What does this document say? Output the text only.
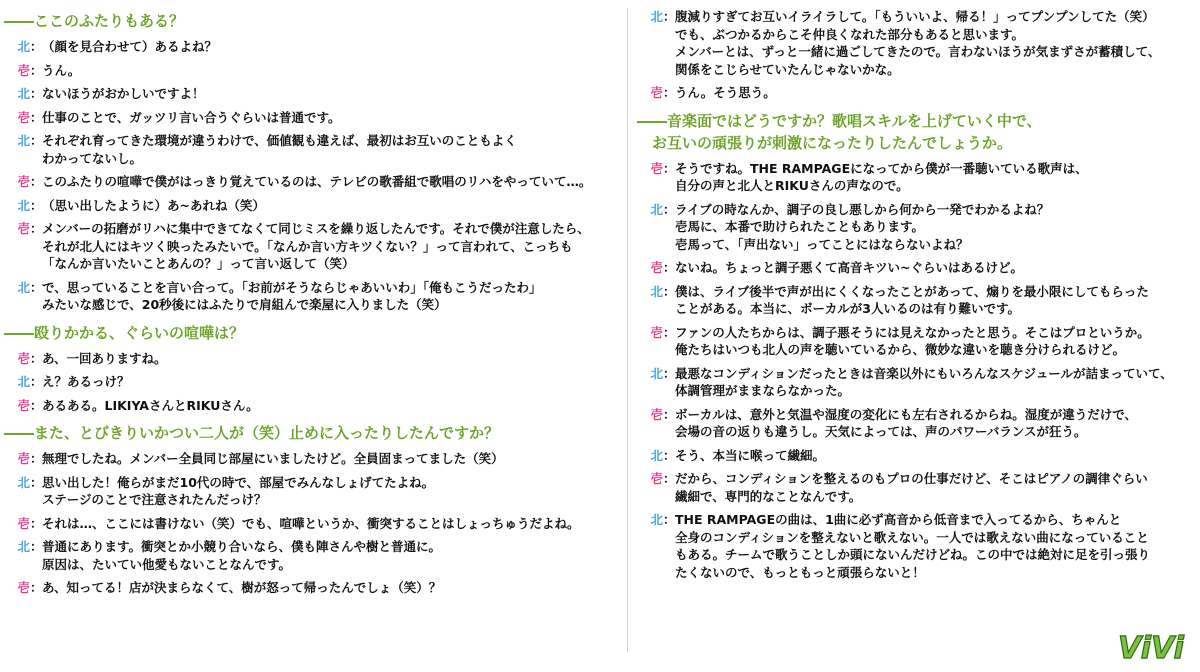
――ここのふたりもある？
北 ： （顔を見合わせて）あるよね？
壱 ： うん。
北 ： ないほうがおかしいですよ！
壱 ： 仕事のことで、ガッツリ言い合うぐらいは普通です。
北 ： それぞれ育ってきた環境が違うわけで、価値観も違えば、最初はお互いのこともよく
わかってないし。
壱 ： このふたりの喧嘩で僕がはっきり覚えているのは、テレビの歌番組で歌唱のリハをやっていて…。
北 ： （思い出したように）あ~あれね（笑）
壱 ： メンバーの拓磨がリハに集中できてなくて同じミスを繰り返したんです。それで僕が注意したら、
それが北人にはキツく映ったみたいで。「なんか言い方キツくない？」って言われて、こっちも
「なんか言いたいことあんの？」って言い返して（笑）
北 ： で、思っていることを言い合って。「お前がそうならじゃあいいわ」「俺もこうだったわ」
みたいな感じで、20秒後にはふたりで肩組んで楽屋に入りました（笑）
――殴りかかる、ぐらいの喧嘩は？
壱 ： あ、一回ありますね。
北 ： え？あるっけ？
壱 ： あるある。LIKIYAさんとRIKUさん。
――また、とびきりいかつい二人が（笑）止めに入ったりしたんですか？
壱 ： 無理でしたね。メンバー全員同じ部屋にいましたけど。全員固まってました（笑）
北 ： 思い出した！俺らがまだ10代の時で、部屋でみんなしょげてたよね。
ステージのことで注意されたんだっけ？
壱 ： それは…、ここには書けない（笑）でも、喧嘩というか、衝突することはしょっちゅうだよね。
北 ： 普通にあります。衝突とか小競り合いなら、僕も陣さんや樹と普通に。
原因は、たいてい他愛もないことなんです。
壱 ： あ、知ってる！店が決まらなくて、樹が怒って帰ったんでしょ（笑）？
北 ： 腹減りすぎてお互いイライラして。「もういいよ、帰る！」ってプンプンしてた（笑）
でも、ぶつかるからこそ仲良くなれた部分もあると思います。
メンバーとは、ずっと一緒に過ごしてきたので。言わないほうが気まずさが蓄積して、
関係をこじらせていたんじゃないかな。
壱 ： うん。そう思う。
――音楽面ではどうですか？歌唱スキルを上げていく中で、
　お互いの頑張りが刺激になったりしたんでしょうか。
壱 ： そうですね。THE RAMPAGEになってから僕が一番聴いている歌声は、
自分の声と北人とRIKUさんの声なので。
北 ： ライブの時なんか、調子の良し悪しから何から一発でわかるよね？
壱馬に、本番で助けられたこともあります。
壱馬って、「声出ない」ってことにはならないよね？
壱 ： ないね。ちょっと調子悪くて高音キツい~ぐらいはあるけど。
北 ： 僕は、ライブ後半で声が出にくくなったことがあって、煽りを最小限にしてもらった
ことがある。本当に、ボーカルが3人いるのは有り難いです。
壱 ： ファンの人たちからは、調子悪そうには見えなかったと思う。そこはプロというか。
俺たちはいつも北人の声を聴いているから、微妙な違いを聴き分けられるけど。
北 ： 最悪なコンディションだったときは音楽以外にもいろんなスケジュールが詰まっていて、
体調管理がままならなかった。
壱 ： ボーカルは、意外と気温や湿度の変化にも左右されるからね。湿度が違うだけで、
会場の音の返りも違うし。天気によっては、声のパワーバランスが狂う。
北 ： そう、本当に喉って繊細。
壱 ： だから、コンディションを整えるのもプロの仕事だけど、そこはピアノの調律ぐらい
繊細で、専門的なことなんです。
北 ： THE RAMPAGEの曲は、1曲に必ず高音から低音まで入ってるから、ちゃんと
全身のコンディションを整えないと歌えない。一人では歌えない曲になっていること
もある。チームで歌うことしか頭にないんだけどね。この中では絶対に足を引っ張り
たくないので、もっともっと頑張らないと！
ViVi
